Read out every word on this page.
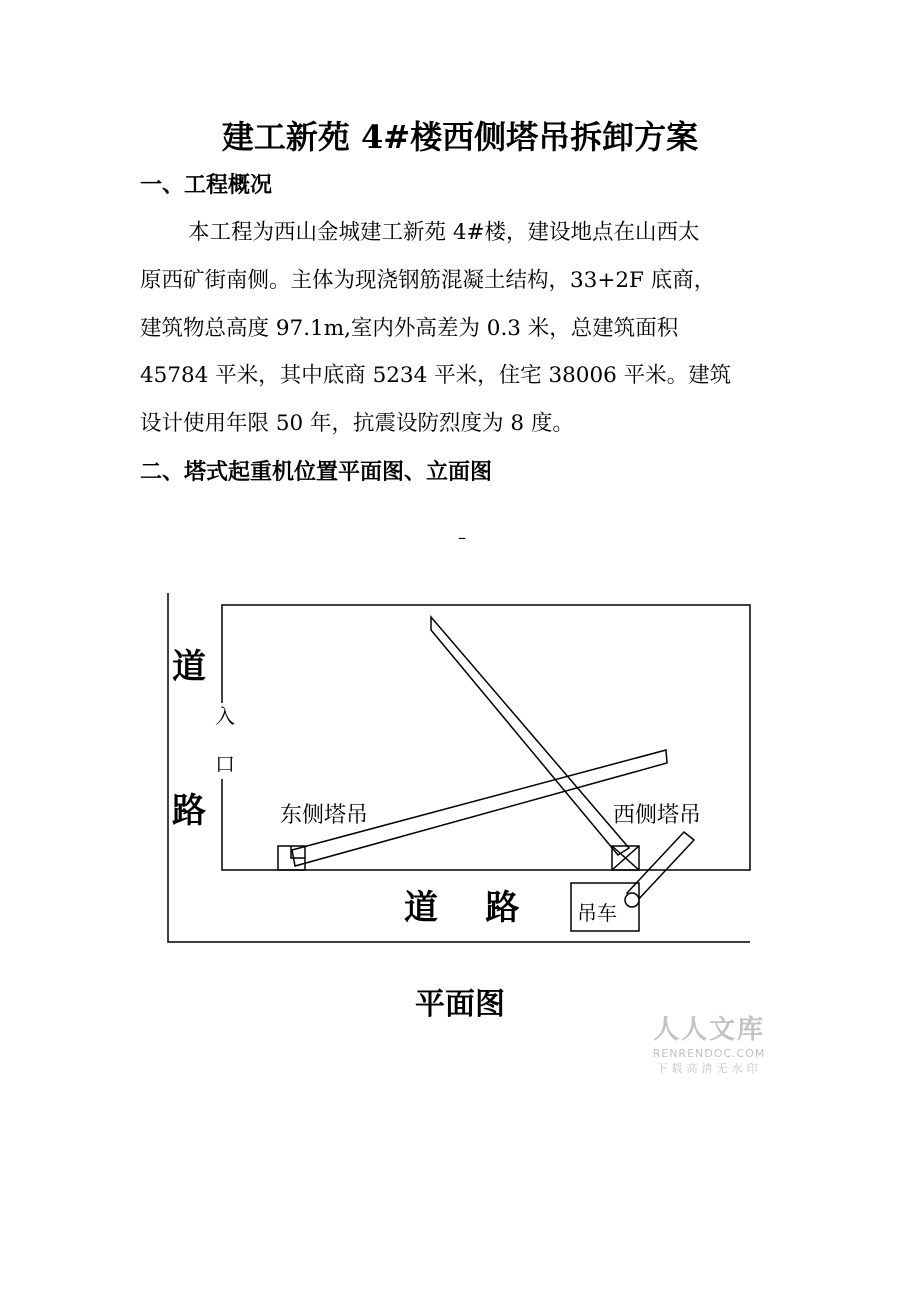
建工新苑 4#楼西侧塔吊拆卸方案
一、工程概况

本工程为西山金城建工新苑 4#楼，建设地点在山西太

原西矿街南侧。主体为现浇钢筋混凝土结构，33+2F 底商，

建筑物总高度 97.1m,室内外高差为 0.3 米，总建筑面积

45784 平米，其中底商 5234 平米，住宅 38006 平米。建筑

设计使用年限 50 年，抗震设防烈度为 8 度。

二、塔式起重机位置平面图、立面图
–
道
路
入
口
东侧塔吊	西侧塔吊
道    路	吊车
平面图
人人文库
RENRENDOC.COM
下载高清无水印
